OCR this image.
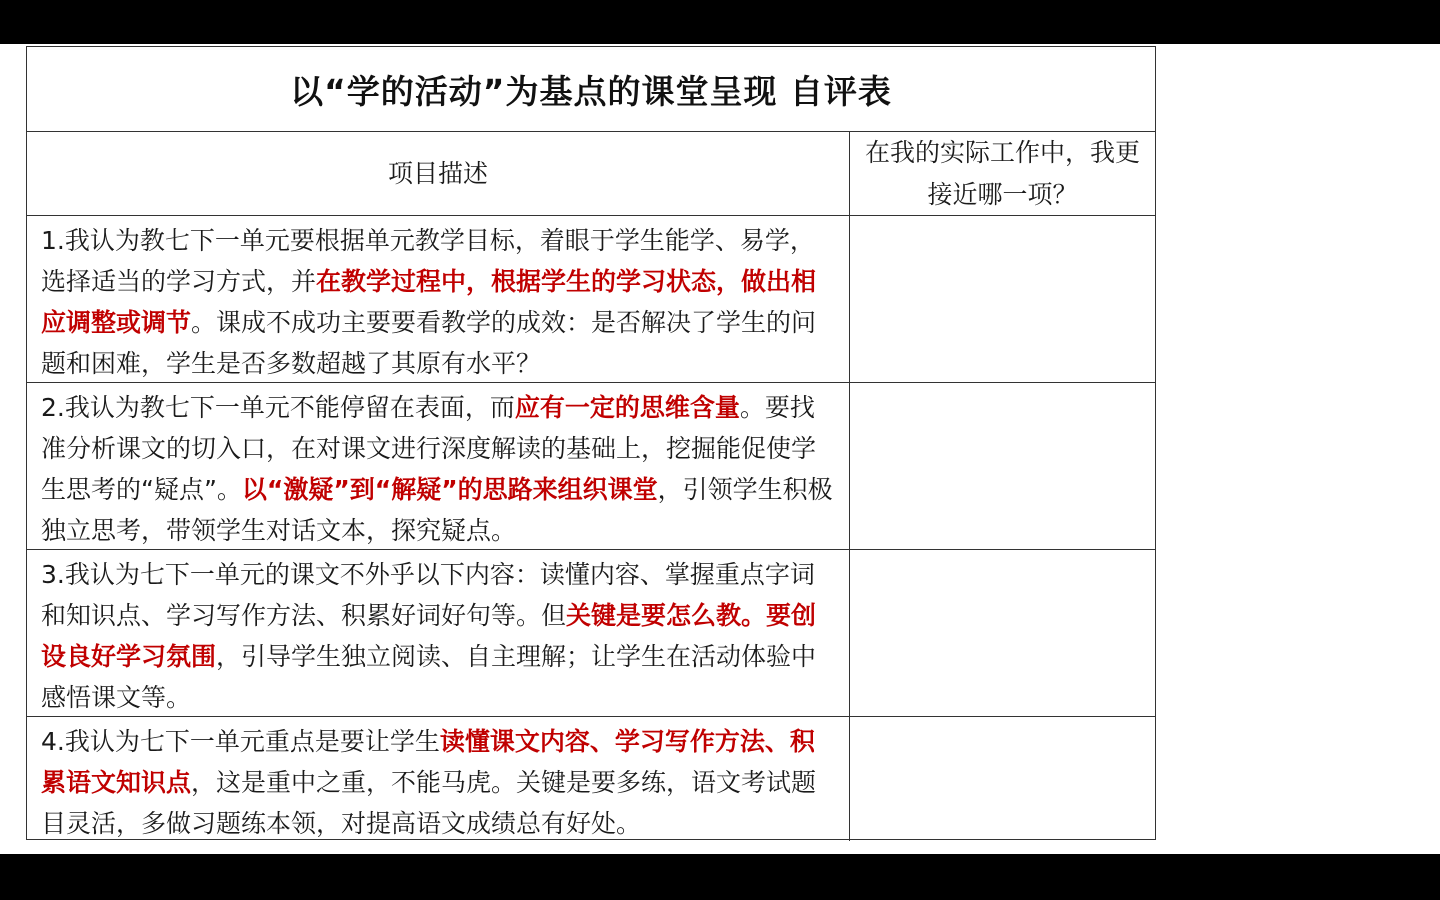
以“学的活动”为基点的课堂呈现 自评表
项目描述
在我的实际工作中，我更接近哪一项？
1.我认为教七下一单元要根据单元教学目标，着眼于学生能学、易学，选择适当的学习方式，并在教学过程中，根据学生的学习状态，做出相应调整或调节。课成不成功主要要看教学的成效：是否解决了学生的问题和困难，学生是否多数超越了其原有水平？
2.我认为教七下一单元不能停留在表面，而应有一定的思维含量。要找准分析课文的切入口，在对课文进行深度解读的基础上，挖掘能促使学生思考的“疑点”。以“激疑”到“解疑”的思路来组织课堂，引领学生积极独立思考，带领学生对话文本，探究疑点。
3.我认为七下一单元的课文不外乎以下内容：读懂内容、掌握重点字词和知识点、学习写作方法、积累好词好句等。但关键是要怎么教。要创设良好学习氛围，引导学生独立阅读、自主理解；让学生在活动体验中感悟课文等。
4.我认为七下一单元重点是要让学生读懂课文内容、学习写作方法、积累语文知识点，这是重中之重，不能马虎。关键是要多练，语文考试题目灵活，多做习题练本领，对提高语文成绩总有好处。
